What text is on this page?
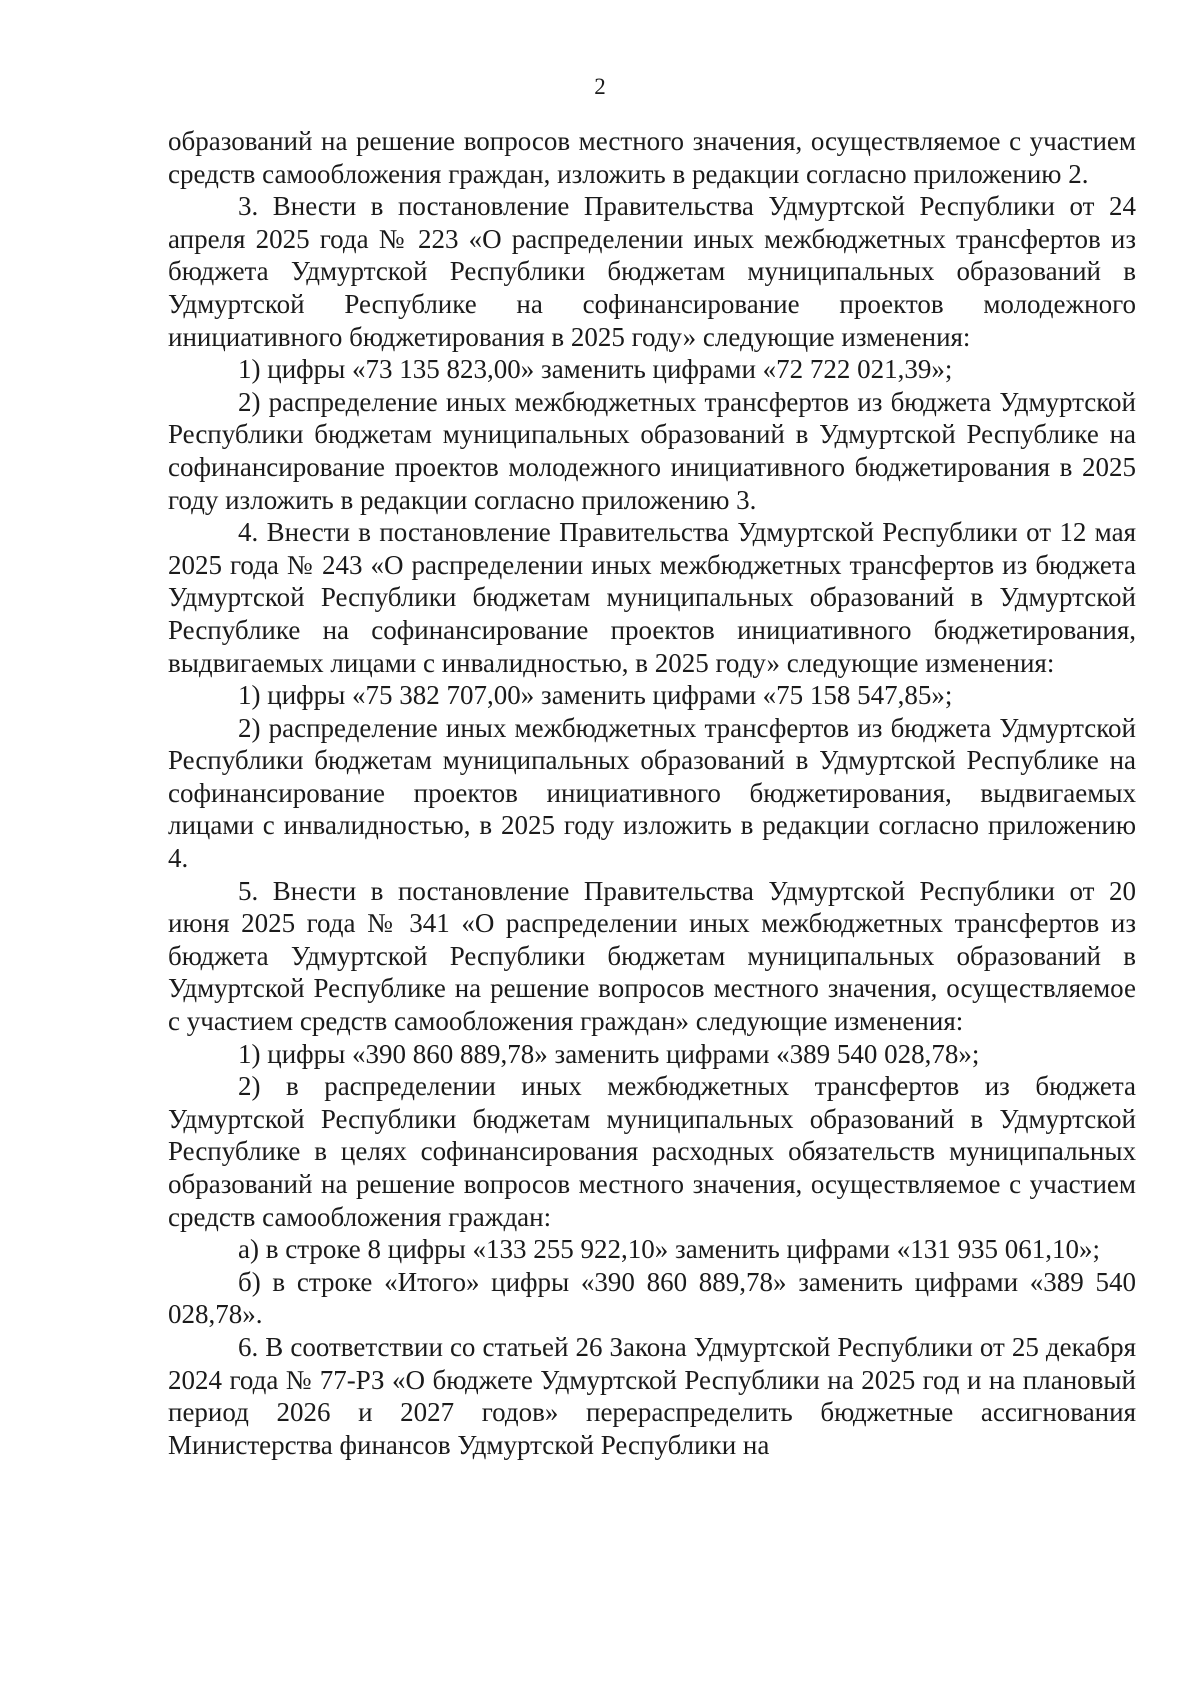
2

образований на решение вопросов местного значения, осуществляемое с участием средств самообложения граждан, изложить в редакции согласно приложению 2.

3. Внести в постановление Правительства Удмуртской Республики от 24 апреля 2025 года № 223 «О распределении иных межбюджетных трансфертов из бюджета Удмуртской Республики бюджетам муниципальных образований в Удмуртской Республике на софинансирование проектов молодежного инициативного бюджетирования в 2025 году» следующие изменения:

1) цифры «73 135 823,00» заменить цифрами «72 722 021,39»;

2) распределение иных межбюджетных трансфертов из бюджета Удмуртской Республики бюджетам муниципальных образований в Удмуртской Республике на софинансирование проектов молодежного инициативного бюджетирования в 2025 году изложить в редакции согласно приложению 3.

4. Внести в постановление Правительства Удмуртской Республики от 12 мая 2025 года № 243 «О распределении иных межбюджетных трансфертов из бюджета Удмуртской Республики бюджетам муниципальных образований в Удмуртской Республике на софинансирование проектов инициативного бюджетирования, выдвигаемых лицами с инвалидностью, в 2025 году» следующие изменения:

1) цифры «75 382 707,00» заменить цифрами «75 158 547,85»;

2) распределение иных межбюджетных трансфертов из бюджета Удмуртской Республики бюджетам муниципальных образований в Удмуртской Республике на софинансирование проектов инициативного бюджетирования, выдвигаемых лицами с инвалидностью, в 2025 году изложить в редакции согласно приложению 4.

5. Внести в постановление Правительства Удмуртской Республики от 20 июня 2025 года № 341 «О распределении иных межбюджетных трансфертов из бюджета Удмуртской Республики бюджетам муниципальных образований в Удмуртской Республике на решение вопросов местного значения, осуществляемое с участием средств самообложения граждан» следующие изменения:

1) цифры «390 860 889,78» заменить цифрами «389 540 028,78»;

2) в распределении иных межбюджетных трансфертов из бюджета Удмуртской Республики бюджетам муниципальных образований в Удмуртской Республике в целях софинансирования расходных обязательств муниципальных образований на решение вопросов местного значения, осуществляемое с участием средств самообложения граждан:

а) в строке 8 цифры «133 255 922,10» заменить цифрами «131 935 061,10»;

б) в строке «Итого» цифры «390 860 889,78» заменить цифрами «389 540 028,78».

6. В соответствии со статьей 26 Закона Удмуртской Республики от 25 декабря 2024 года № 77-РЗ «О бюджете Удмуртской Республики на 2025 год и на плановый период 2026 и 2027 годов» перераспределить бюджетные ассигнования Министерства финансов Удмуртской Республики на
